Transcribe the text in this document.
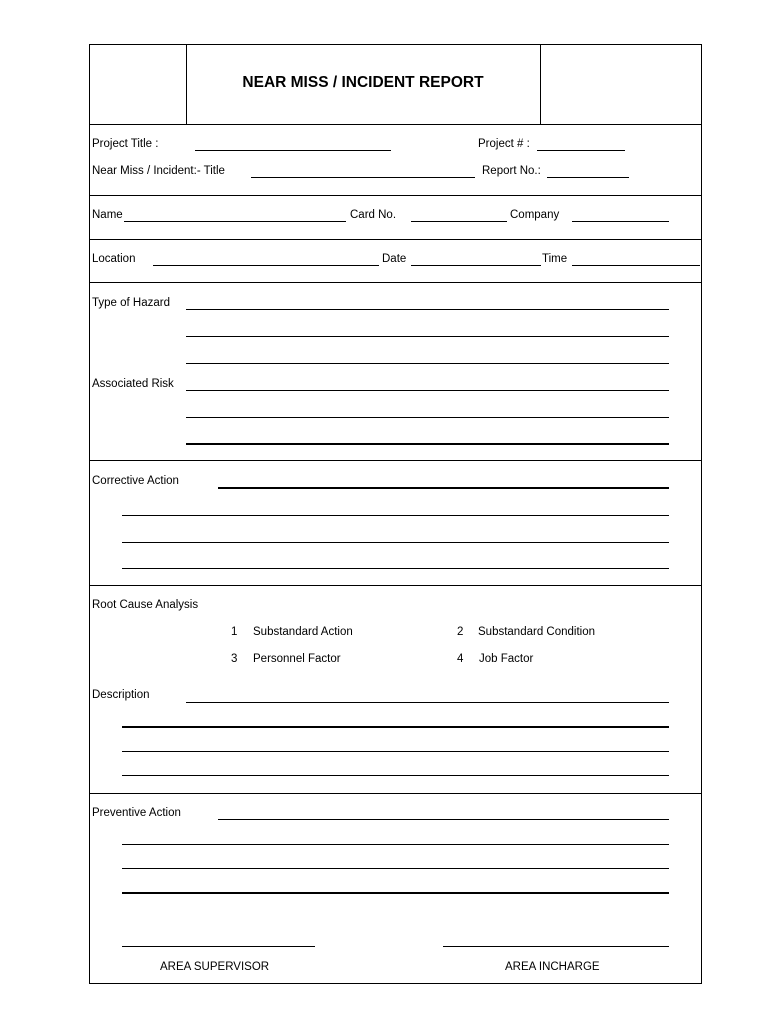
NEAR MISS / INCIDENT REPORT
Project Title :	Project # :
Near Miss / Incident:- Title	Report No.:
Name	Card No.	Company
Location	Date	Time
Type of Hazard
Associated Risk
Corrective Action
Root Cause Analysis
1 Substandard Action	2 Substandard Condition
3 Personnel Factor	4 Job Factor
Description
Preventive Action
AREA SUPERVISOR	AREA INCHARGE
